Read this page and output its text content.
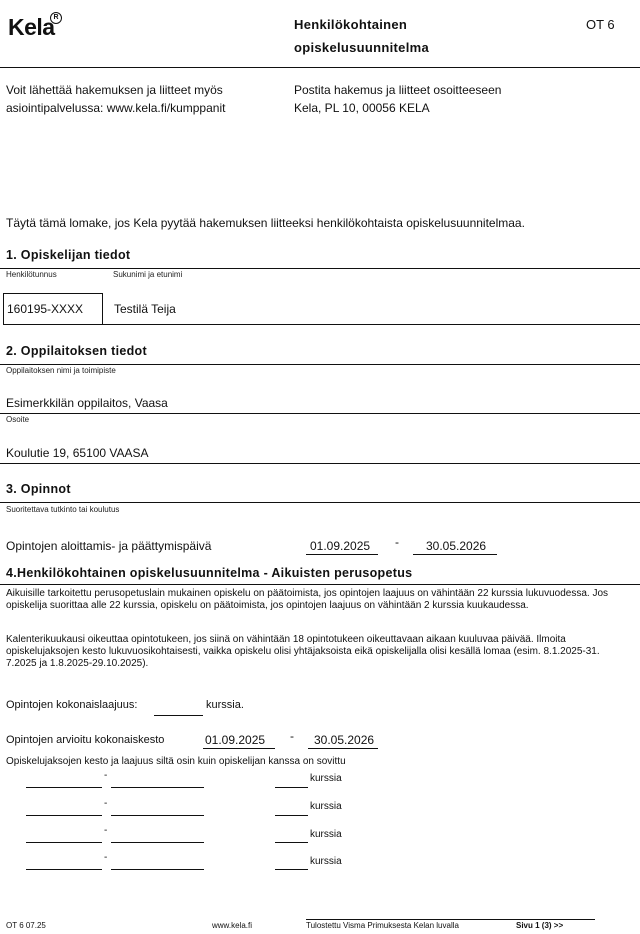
Kela
R	Henkilökohtainen
opiskelusuunnitelma
OT 6
Voit lähettää hakemuksen ja liitteet myös
asiointipalvelussa: www.kela.fi/kumppanit
Postita hakemus ja liitteet osoitteeseen
Kela, PL 10, 00056 KELA
Täytä tämä lomake, jos Kela pyytää hakemuksen liitteeksi henkilökohtaista opiskelusuunnitelmaa.
1. Opiskelijan tiedot
Henkilötunnus	Sukunimi ja etunimi
160195-XXXX	Testilä Teija
2. Oppilaitoksen tiedot
Oppilaitoksen nimi ja toimipiste
Esimerkkilän oppilaitos, Vaasa
Osoite
Koulutie 19, 65100 VAASA
3. Opinnot
Suoritettava tutkinto tai koulutus
Opintojen aloittamis- ja päättymispäivä	01.09.2025 - 30.05.2026
4.Henkilökohtainen opiskelusuunnitelma - Aikuisten perusopetus
Aikuisille tarkoitettu perusopetuslain mukainen opiskelu on päätoimista, jos opintojen laajuus on vähintään 22 kurssia lukuvuodessa. Jos opiskelija suorittaa alle 22 kurssia, opiskelu on päätoimista, jos opintojen laajuus on vähintään 2 kurssia kuukaudessa.
Kalenterikuukausi oikeuttaa opintotukeen, jos siinä on vähintään 18 opintotukeen oikeuttavaan aikaan kuuluvaa päivää. Ilmoita opiskelujaksojen kesto lukuvuosikohtaisesti, vaikka opiskelu olisi yhtäjaksoista eikä opiskelijalla olisi kesällä lomaa (esim. 8.1.2025-31. 7.2025 ja 1.8.2025-29.10.2025).
Opintojen kokonaislaajuus:	kurssia.
Opintojen arvioitu kokonaiskesto	01.09.2025 - 30.05.2026
Opiskelujaksojen kesto ja laajuus siltä osin kuin opiskelijan kanssa on sovittu
-	kurssia
-	kurssia
-	kurssia
-	kurssia
OT 6 07.25	www.kela.fi	Tulostettu Visma Primuksesta Kelan luvalla	Sivu 1 (3) >>
